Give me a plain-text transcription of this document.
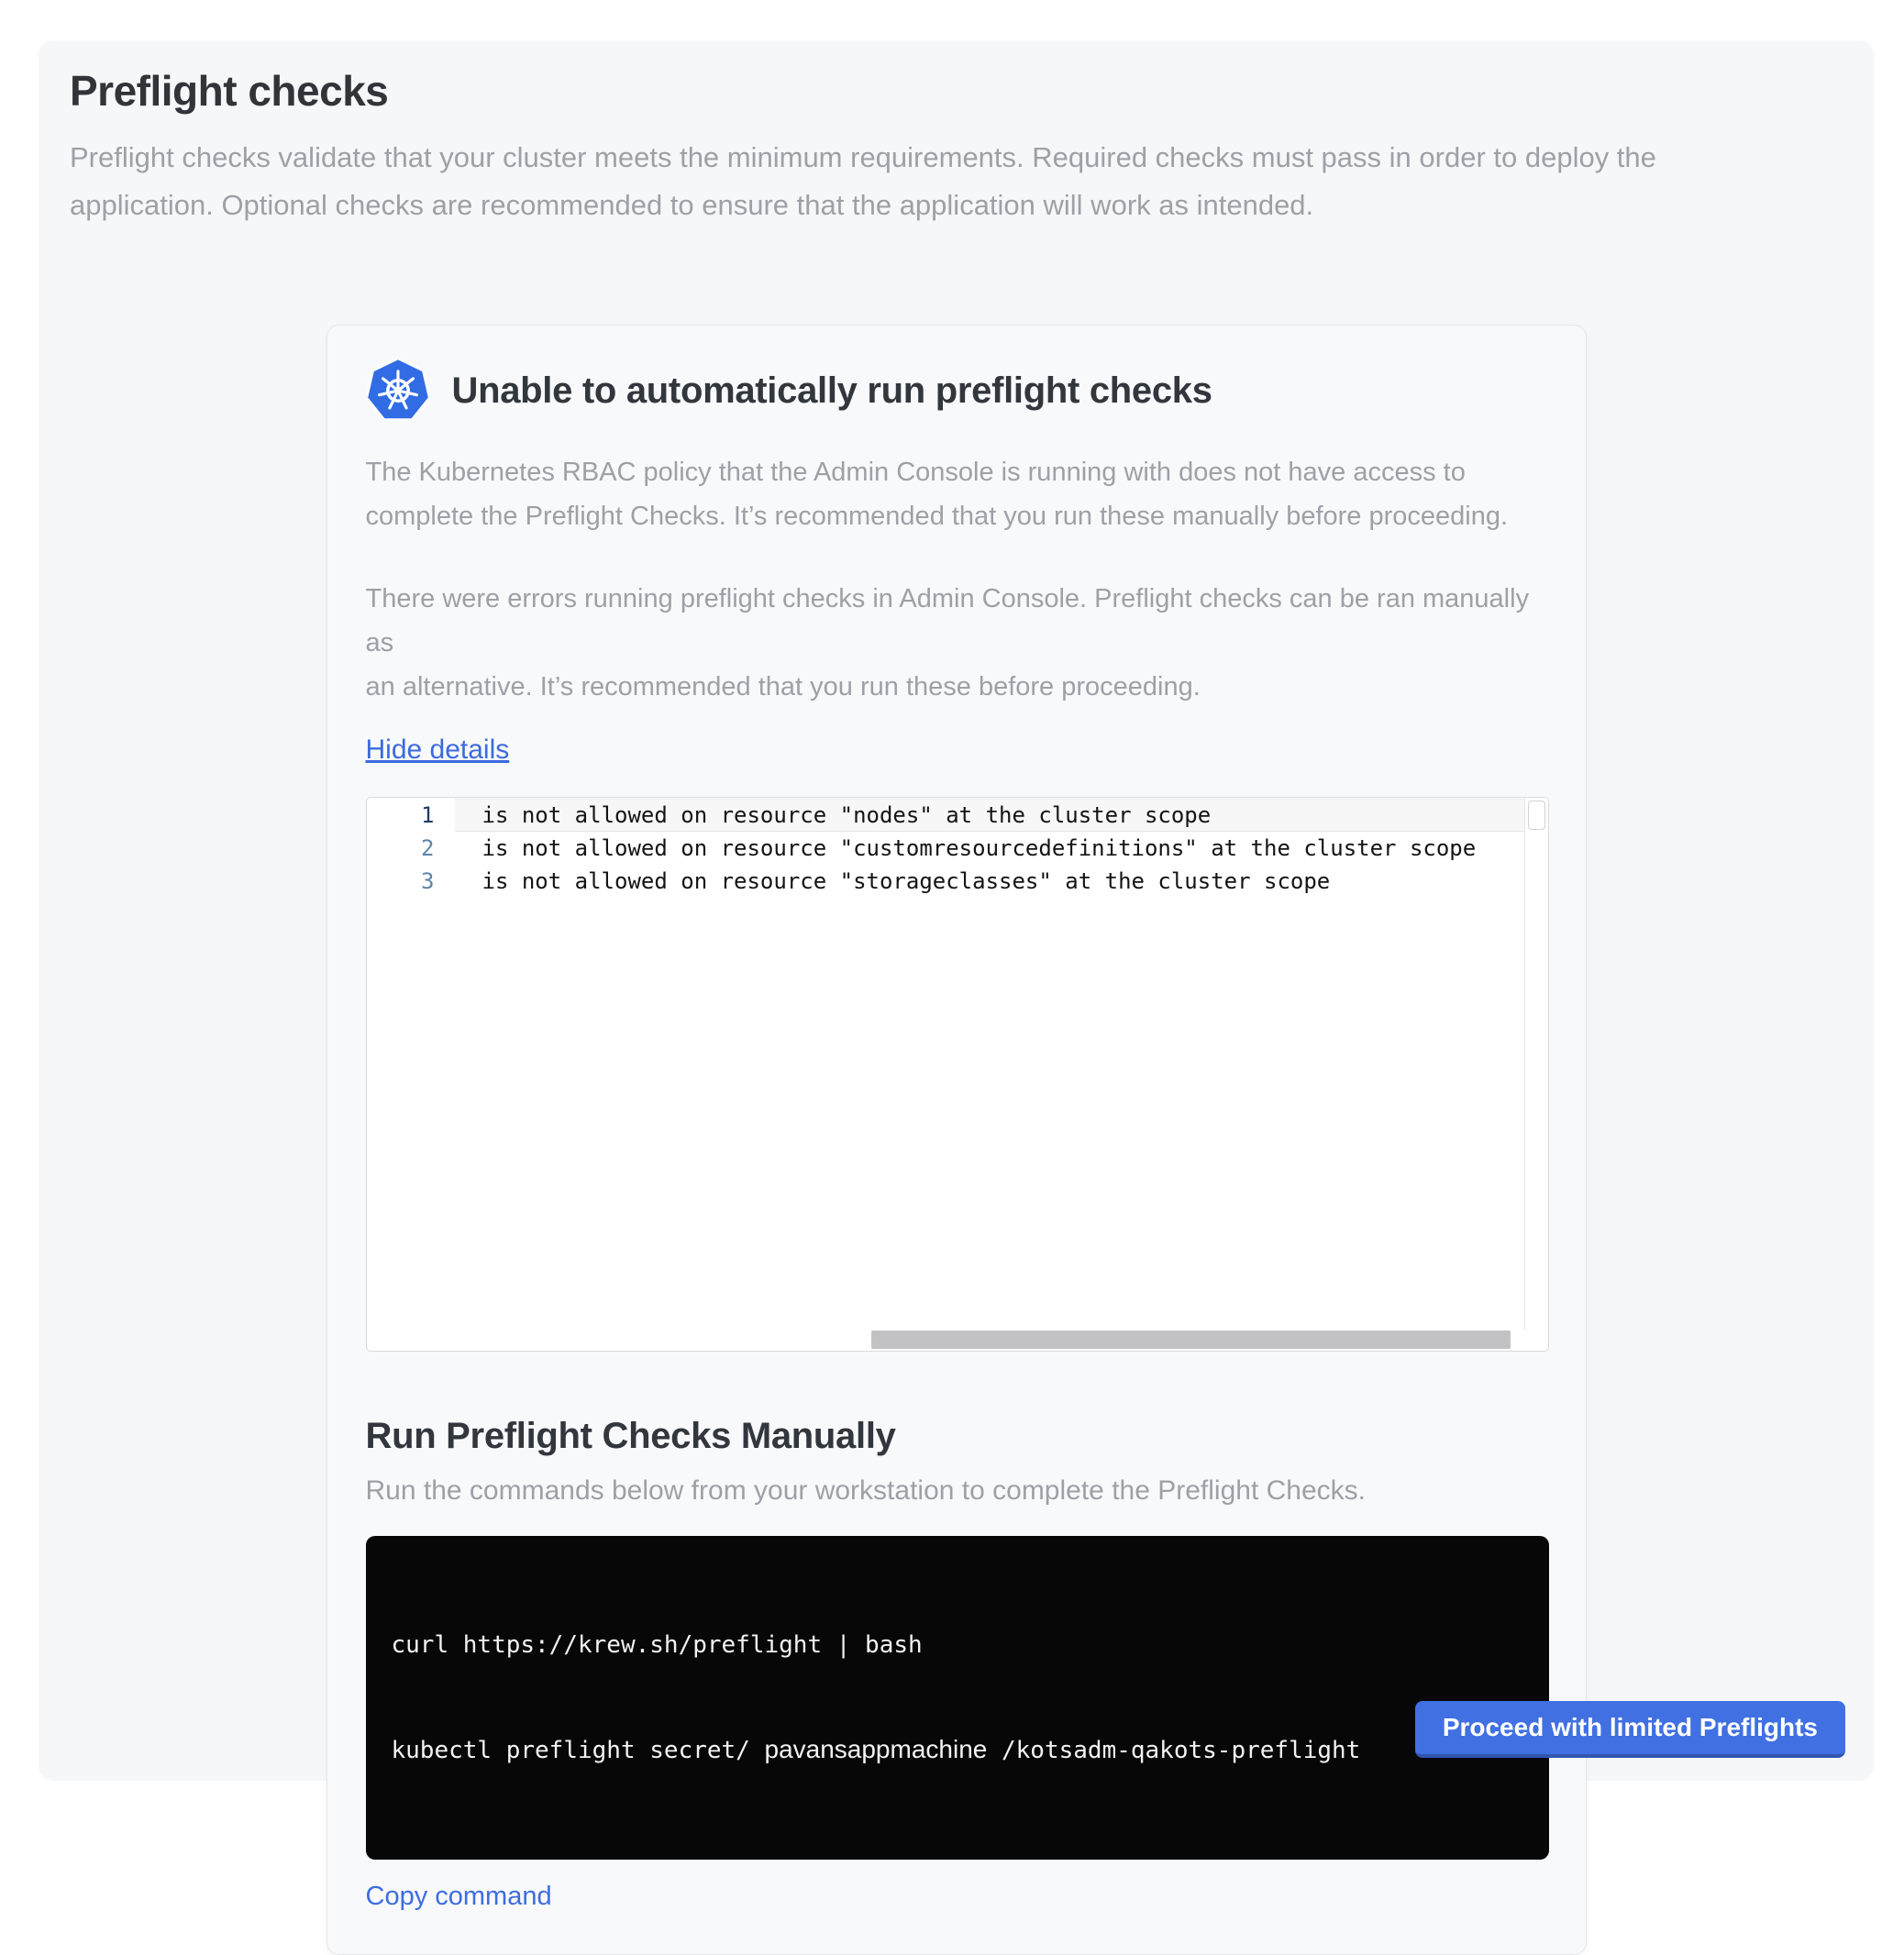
Preflight checks
Preflight checks validate that your cluster meets the minimum requirements. Required checks must pass in order to deploy the
application. Optional checks are recommended to ensure that the application will work as intended.
Unable to automatically run preflight checks
The Kubernetes RBAC policy that the Admin Console is running with does not have access to
complete the Preflight Checks. It’s recommended that you run these manually before proceeding.
There were errors running preflight checks in Admin Console. Preflight checks can be ran manually as
an alternative. It’s recommended that you run these before proceeding.
Hide details
1	is not allowed on resource "nodes" at the cluster scope
2	is not allowed on resource "customresourcedefinitions" at the cluster scope
3	is not allowed on resource "storageclasses" at the cluster scope
Run Preflight Checks Manually
Run the commands below from your workstation to complete the Preflight Checks.

curl https://krew.sh/preflight | bash

kubectl preflight secret/ pavansappmachine /kotsadm-qakots-preflight

Copy command
Proceed with limited Preflights
